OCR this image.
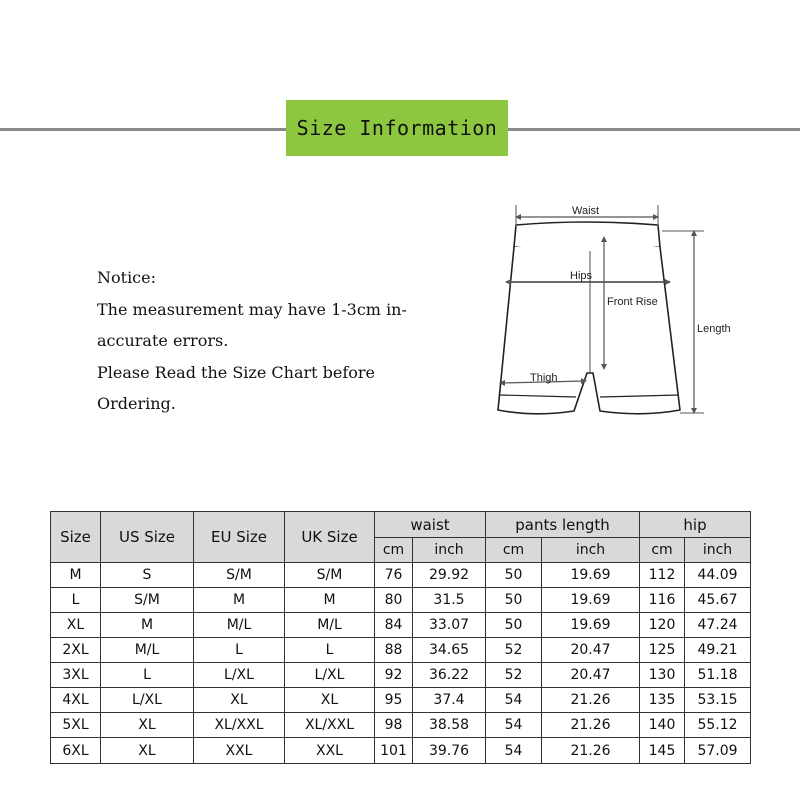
Size Information
Notice:
The measurement may have 1-3cm in-
accurate errors.
Please Read the Size Chart before
Ordering.
Waist
Hips
Front Rise
Length
Thigh
Size	US Size	EU Size	UK Size	waist		pants length		hip	
				cm	inch	cm	inch	cm	inch
M	S	S/M	S/M	76	29.92	50	19.69	112	44.09
L	S/M	M	M	80	31.5	50	19.69	116	45.67
XL	M	M/L	M/L	84	33.07	50	19.69	120	47.24
2XL	M/L	L	L	88	34.65	52	20.47	125	49.21
3XL	L	L/XL	L/XL	92	36.22	52	20.47	130	51.18
4XL	L/XL	XL	XL	95	37.4	54	21.26	135	53.15
5XL	XL	XL/XXL	XL/XXL	98	38.58	54	21.26	140	55.12
6XL	XL	XXL	XXL	101	39.76	54	21.26	145	57.09
